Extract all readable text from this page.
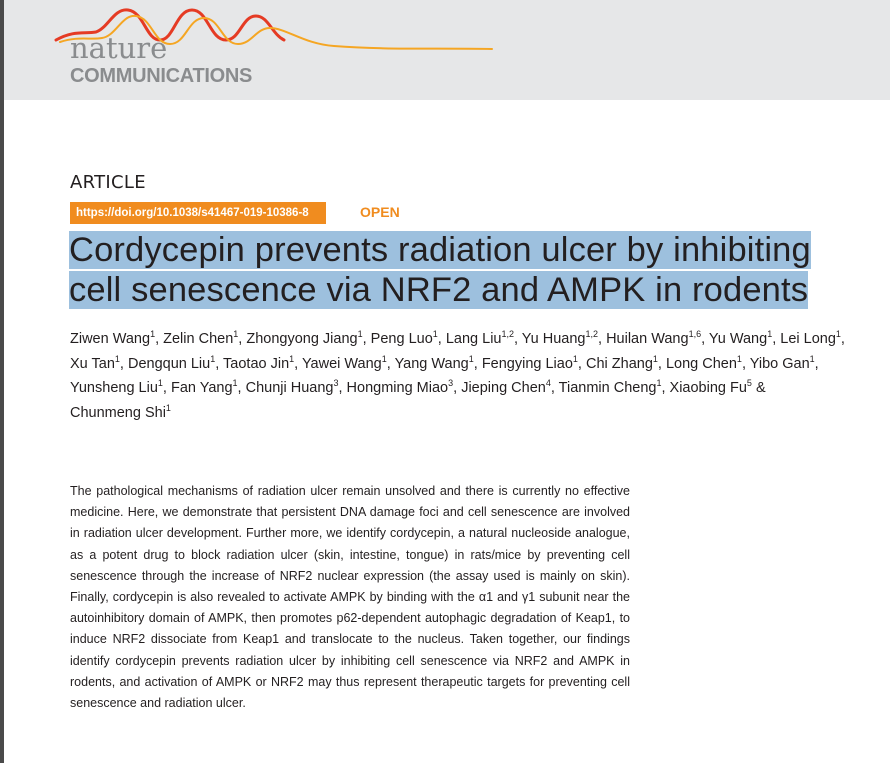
nature
COMMUNICATIONS
ARTICLE
https://doi.org/10.1038/s41467-019-10386-8	OPEN
Cordycepin prevents radiation ulcer by inhibiting
cell senescence via NRF2 and AMPK in rodents
Ziwen Wang$^1$, Zelin Chen$^1$, Zhongyong Jiang$^1$, Peng Luo$^1$, Lang Liu$^{1,2}$, Yu Huang$^{1,2}$, Huilan Wang$^{1,6}$, Yu Wang$^1$, Lei Long$^1$, Xu Tan$^1$, Dengqun Liu$^1$, Taotao Jin$^1$, Yawei Wang$^1$, Yang Wang$^1$, Fengying Liao$^1$, Chi Zhang$^1$, Long Chen$^1$, Yibo Gan$^1$, Yunsheng Liu$^1$, Fan Yang$^1$, Chunji Huang$^3$, Hongming Miao$^3$, Jieping Chen$^4$, Tianmin Cheng$^1$, Xiaobing Fu$^5$ & Chunmeng Shi$^1$

The pathological mechanisms of radiation ulcer remain unsolved and there is currently no effective medicine. Here, we demonstrate that persistent DNA damage foci and cell senescence are involved in radiation ulcer development. Further more, we identify cordycepin, a natural nucleoside analogue, as a potent drug to block radiation ulcer (skin, intestine, tongue) in rats/mice by preventing cell senescence through the increase of NRF2 nuclear expression (the assay used is mainly on skin). Finally, cordycepin is also revealed to activate AMPK by binding with the α1 and γ1 subunit near the autoinhibitory domain of AMPK, then promotes p62-dependent autophagic degradation of Keap1, to induce NRF2 dissociate from Keap1 and translocate to the nucleus. Taken together, our findings identify cordycepin prevents radiation ulcer by inhibiting cell senescence via NRF2 and AMPK in rodents, and activation of AMPK or NRF2 may thus represent therapeutic targets for preventing cell senescence and radiation ulcer.
